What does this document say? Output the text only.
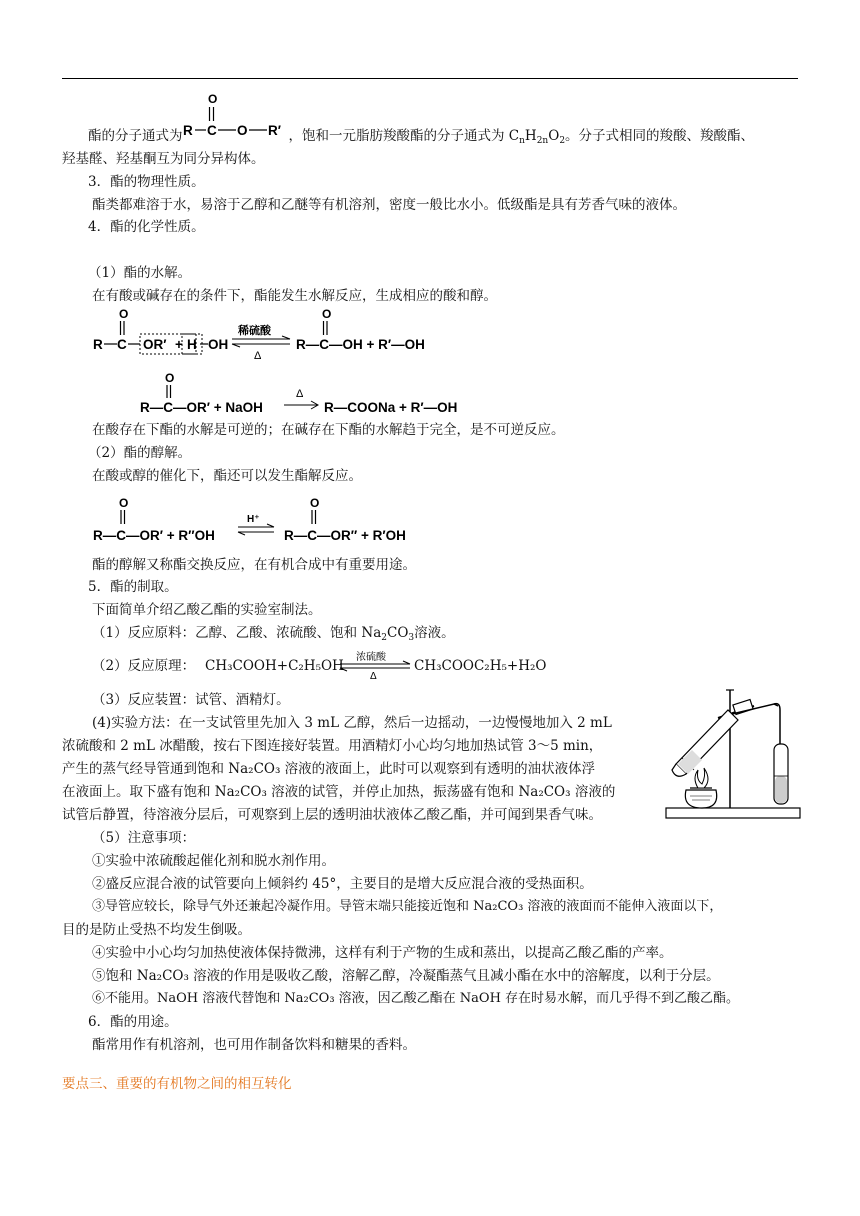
酯的分子通式为
O
R C O R′ ，饱和一元脂肪羧酸酯的分子通式为 $C_nH_{2n}O_2$。分子式相同的羧酸、羧酸酯、
羟基醛、羟基酮互为同分异构体。
3．酯的物理性质。
酯类都难溶于水，易溶于乙醇和乙醚等有机溶剂，密度一般比水小。低级酯是具有芳香气味的液体。
4．酯的化学性质。
（1）酯的水解。
在有酸或碱存在的条件下，酯能发生水解反应，生成相应的酸和醇。
O
R C OR′ + H OH
稀硫酸
Δ
O
R—C—OH + R′—OH
O
R—C—OR′ + NaOH
Δ
R—COONa + R′—OH
在酸存在下酯的水解是可逆的；在碱存在下酯的水解趋于完全，是不可逆反应。
（2）酯的醇解。
在酸或醇的催化下，酯还可以发生酯解反应。
O
R—C—OR′ + R″OH
H⁺
O
R—C—OR″ + R′OH
酯的醇解又称酯交换反应，在有机合成中有重要用途。
5．酯的制取。
下面简单介绍乙酸乙酯的实验室制法。
（1）反应原料：乙醇、乙酸、浓硫酸、饱和 $Na_2CO_3$溶液。
（2）反应原理： CH₃COOH+C₂H₅OH
浓硫酸
Δ
CH₃COOC₂H₅+H₂O
（3）反应装置：试管、酒精灯。
(4)实验方法：在一支试管里先加入 3 mL 乙醇，然后一边摇动，一边慢慢地加入 2 mL
浓硫酸和 2 mL 冰醋酸，按右下图连接好装置。用酒精灯小心均匀地加热试管 3～5 min，
产生的蒸气经导管通到饱和 Na₂CO₃ 溶液的液面上，此时可以观察到有透明的油状液体浮
在液面上。取下盛有饱和 Na₂CO₃ 溶液的试管，并停止加热，振荡盛有饱和 Na₂CO₃ 溶液的
试管后静置，待溶液分层后，可观察到上层的透明油状液体乙酸乙酯，并可闻到果香气味。
（5）注意事项：
①实验中浓硫酸起催化剂和脱水剂作用。
②盛反应混合液的试管要向上倾斜约 45°，主要目的是增大反应混合液的受热面积。
③导管应较长，除导气外还兼起冷凝作用。导管末端只能接近饱和 Na₂CO₃ 溶液的液面而不能伸入液面以下，
目的是防止受热不均发生倒吸。
④实验中小心均匀加热使液体保持微沸，这样有利于产物的生成和蒸出，以提高乙酸乙酯的产率。
⑤饱和 Na₂CO₃ 溶液的作用是吸收乙酸，溶解乙醇，冷凝酯蒸气且减小酯在水中的溶解度，以利于分层。
⑥不能用。NaOH 溶液代替饱和 Na₂CO₃ 溶液，因乙酸乙酯在 NaOH 存在时易水解，而几乎得不到乙酸乙酯。
6．酯的用途。
酯常用作有机溶剂，也可用作制备饮料和糖果的香料。
要点三、重要的有机物之间的相互转化
